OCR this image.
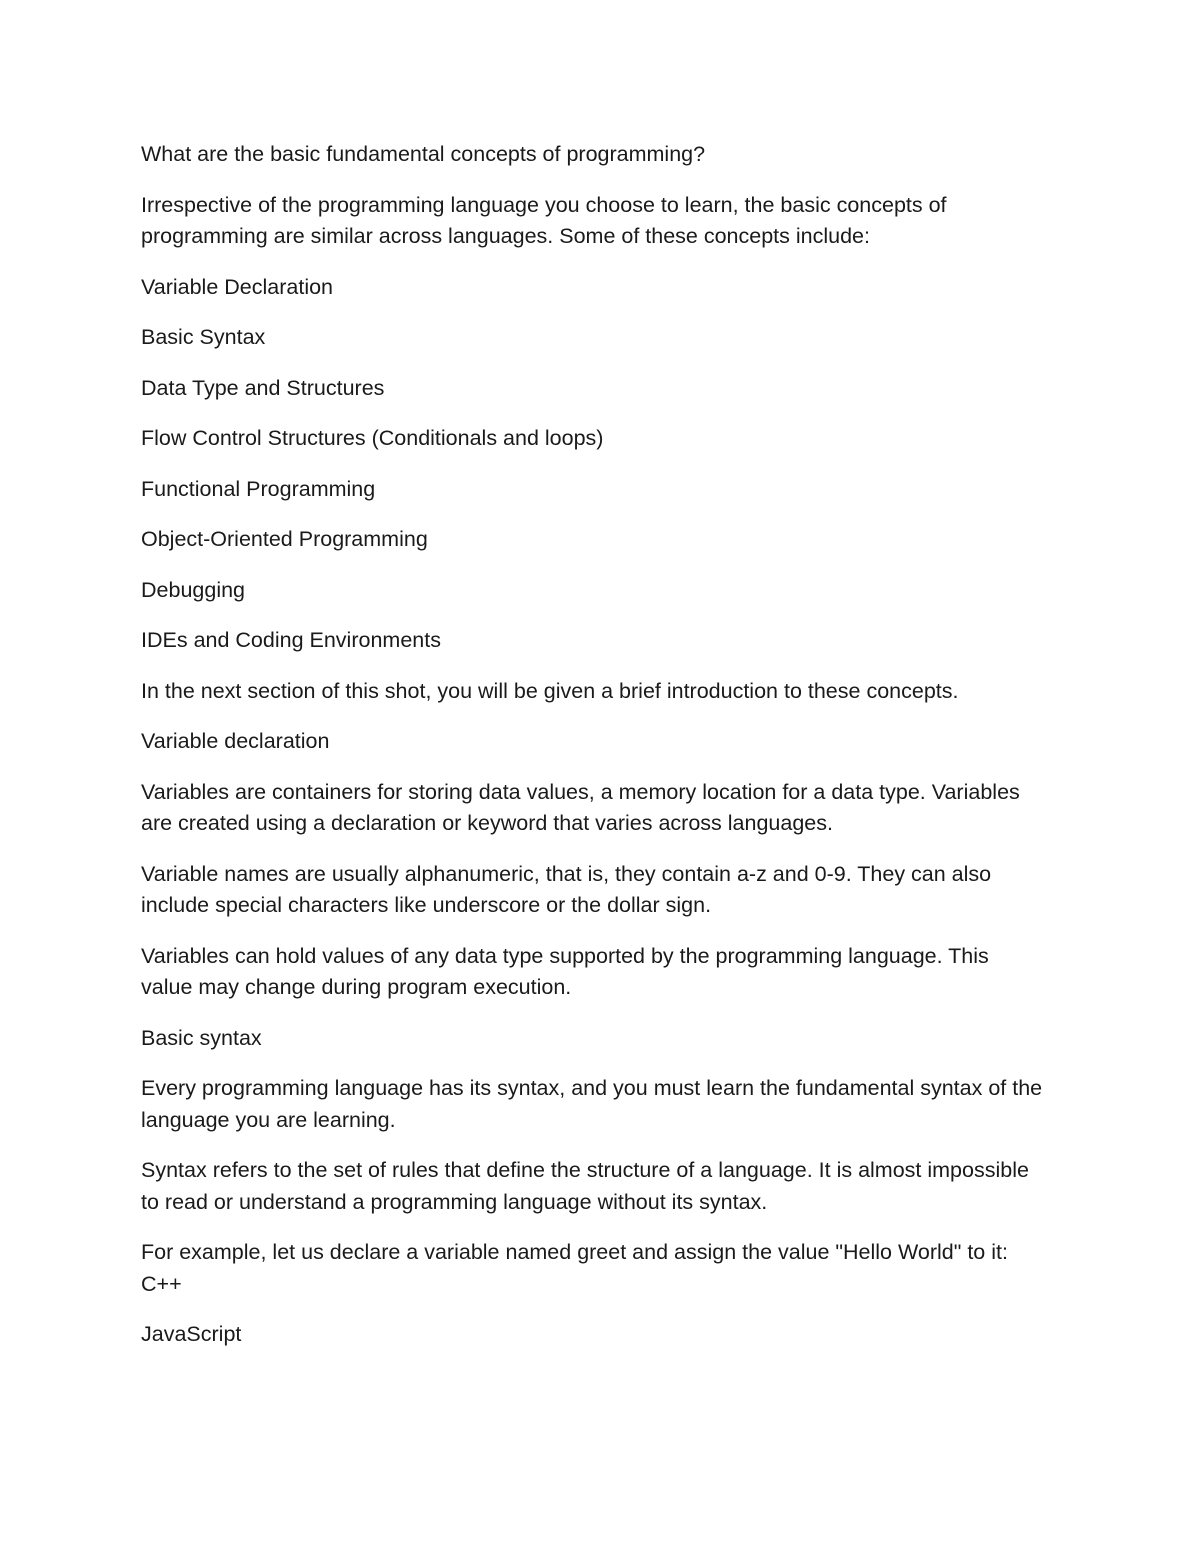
What are the basic fundamental concepts of programming?

Irrespective of the programming language you choose to learn, the basic concepts of programming are similar across languages. Some of these concepts include:

Variable Declaration

Basic Syntax

Data Type and Structures

Flow Control Structures (Conditionals and loops)

Functional Programming

Object-Oriented Programming

Debugging

IDEs and Coding Environments

In the next section of this shot, you will be given a brief introduction to these concepts.

Variable declaration

Variables are containers for storing data values, a memory location for a data type. Variables are created using a declaration or keyword that varies across languages.

Variable names are usually alphanumeric, that is, they contain a-z and 0-9. They can also include special characters like underscore or the dollar sign.

Variables can hold values of any data type supported by the programming language. This value may change during program execution.

Basic syntax

Every programming language has its syntax, and you must learn the fundamental syntax of the language you are learning.

Syntax refers to the set of rules that define the structure of a language. It is almost impossible to read or understand a programming language without its syntax.

For example, let us declare a variable named greet and assign the value "Hello World" to it: C++

JavaScript
